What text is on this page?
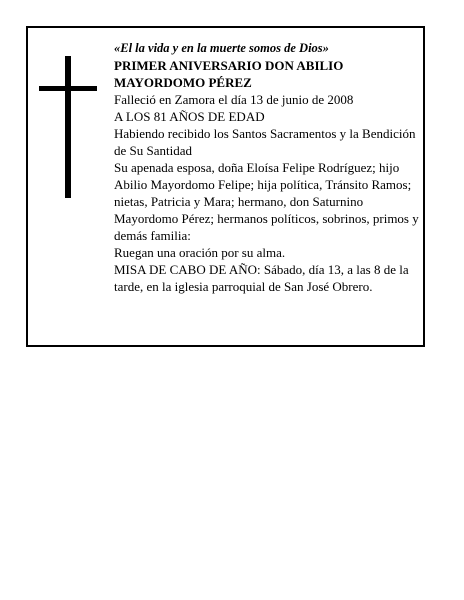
«El la vida y en la muerte somos de Dios»

PRIMER ANIVERSARIO DON ABILIO MAYORDOMO PÉREZ

Falleció en Zamora el día 13 de junio de 2008

A LOS 81 AÑOS DE EDAD

Habiendo recibido los Santos Sacramentos y la Bendición de Su Santidad

Su apenada esposa, doña Eloísa Felipe Rodríguez; hijo Abilio Mayordomo Felipe; hija política, Tránsito Ramos; nietas, Patricia y Mara; hermano, don Saturnino Mayordomo Pérez; hermanos políticos, sobrinos, primos y demás familia:

Ruegan una oración por su alma.

MISA DE CABO DE AÑO: Sábado, día 13, a las 8 de la tarde, en la iglesia parroquial de San José Obrero.
